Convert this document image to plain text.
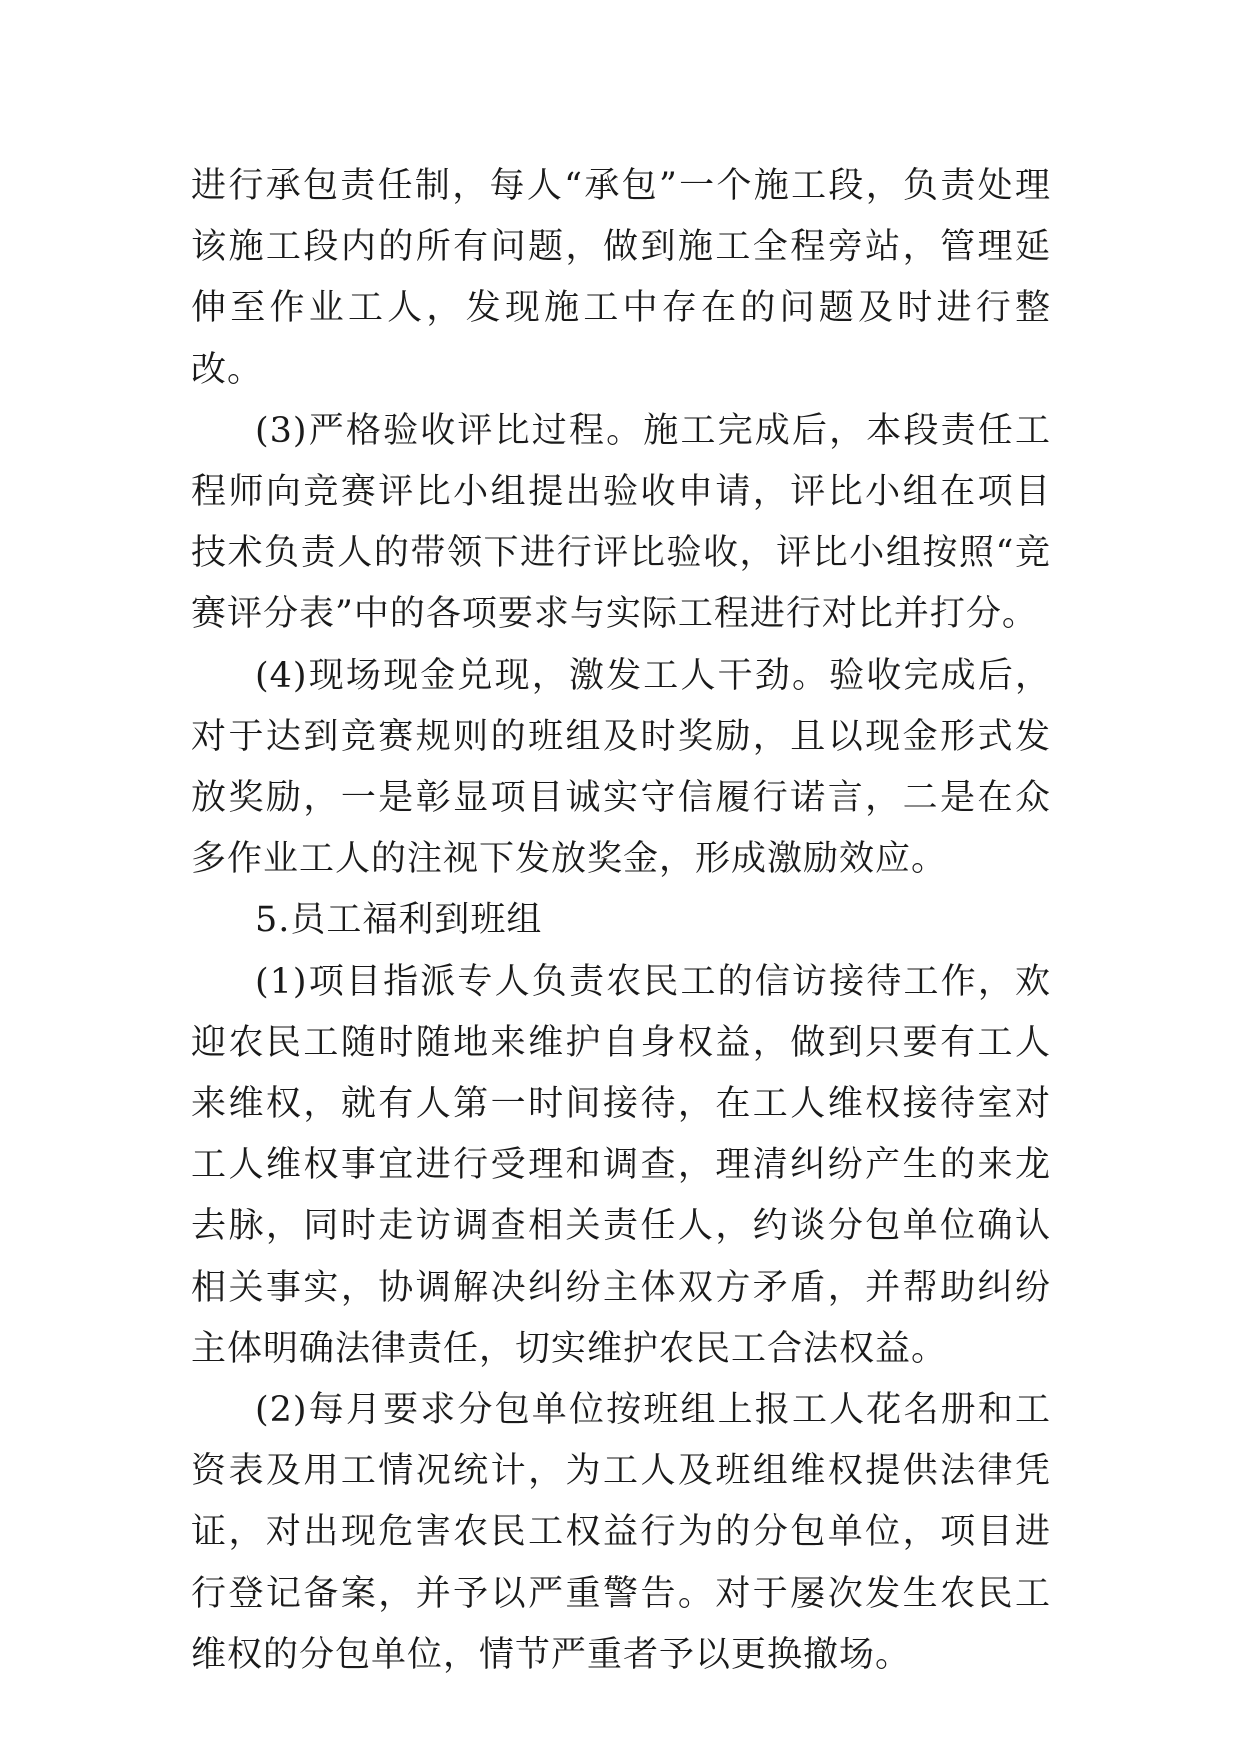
进行承包责任制，每人“承包”一个施工段，负责处理该施工段内的所有问题，做到施工全程旁站，管理延伸至作业工人，发现施工中存在的问题及时进行整改。

(3)严格验收评比过程。施工完成后，本段责任工程师向竞赛评比小组提出验收申请，评比小组在项目技术负责人的带领下进行评比验收，评比小组按照“竞赛评分表”中的各项要求与实际工程进行对比并打分。

(4)现场现金兑现，激发工人干劲。验收完成后，对于达到竞赛规则的班组及时奖励，且以现金形式发放奖励，一是彰显项目诚实守信履行诺言，二是在众多作业工人的注视下发放奖金，形成激励效应。

5.员工福利到班组

(1)项目指派专人负责农民工的信访接待工作，欢迎农民工随时随地来维护自身权益，做到只要有工人来维权，就有人第一时间接待，在工人维权接待室对工人维权事宜进行受理和调查，理清纠纷产生的来龙去脉，同时走访调查相关责任人，约谈分包单位确认相关事实，协调解决纠纷主体双方矛盾，并帮助纠纷主体明确法律责任，切实维护农民工合法权益。

(2)每月要求分包单位按班组上报工人花名册和工资表及用工情况统计，为工人及班组维权提供法律凭证，对出现危害农民工权益行为的分包单位，项目进行登记备案，并予以严重警告。对于屡次发生农民工维权的分包单位，情节严重者予以更换撤场。
